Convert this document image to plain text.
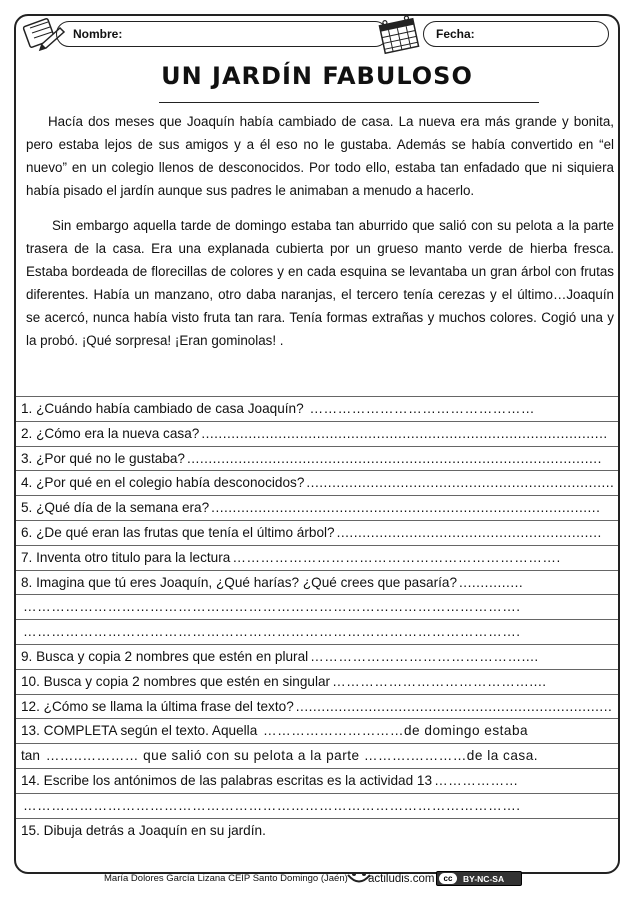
Nombre:	Fecha:
UN JARDÍN FABULOSO

Hacía dos meses que Joaquín había cambiado de casa. La nueva era más grande y bonita, pero estaba lejos de sus amigos y a él eso no le gustaba. Además se había convertido en “el nuevo” en un colegio llenos de desconocidos. Por todo ello, estaba tan enfadado que ni siquiera había pisado el jardín aunque sus padres le animaban a menudo a hacerlo.

Sin embargo aquella tarde de domingo estaba tan aburrido que salió con su pelota a la parte trasera de la casa. Era una explanada cubierta por un grueso manto verde de hierba fresca. Estaba bordeada de florecillas de colores y en cada esquina se levantaba un gran árbol con frutas diferentes. Había un manzano, otro daba naranjas, el tercero tenía cerezas y el último…Joaquín se acercó, nunca había visto fruta tan rara. Tenía formas extrañas y muchos colores. Cogió una y la probó. ¡Qué sorpresa! ¡Eran gominolas! .

1. ¿Cuándo había cambiado de casa Joaquín? …………………………………………
2. ¿Cómo era la nueva casa? ...............................................................................................
3. ¿Por qué no le gustaba? .................................................................................................
4. ¿Por qué en el colegio había desconocidos? ........................................................................
5. ¿Qué día de la semana era? ...........................................................................................
6. ¿De qué eran las frutas que tenía el último árbol? ..............................................................
7. Inventa otro titulo para la lectura …………………………………………………………….
8. Imagina que tú eres Joaquín, ¿Qué harías? ¿Qué crees que pasaría? ...............
…………………………………………………………………………………………….
…………………………………………………………………………………………….
9. Busca y copia 2 nombres que estén en plural ………………………………………....
10. Busca y copia 2 nombres que estén en singular ……………………………………....
12. ¿Cómo se llama la última frase del texto? ..........................................................................
13. COMPLETA según el texto. Aquella …………………………de domingo estaba
tan ……..………… que salió con su pelota a la parte ……….…………de la casa.
14. Escribe los antónimos de las palabras escritas es la actividad 13 ………………
…………………………………………………………………………………………….
15. Dibuja detrás a Joaquín en su jardín.
María Dolores García Lizana CEIP Santo Domingo (Jaén) actiludis.com	cc	BY-NC-SA
